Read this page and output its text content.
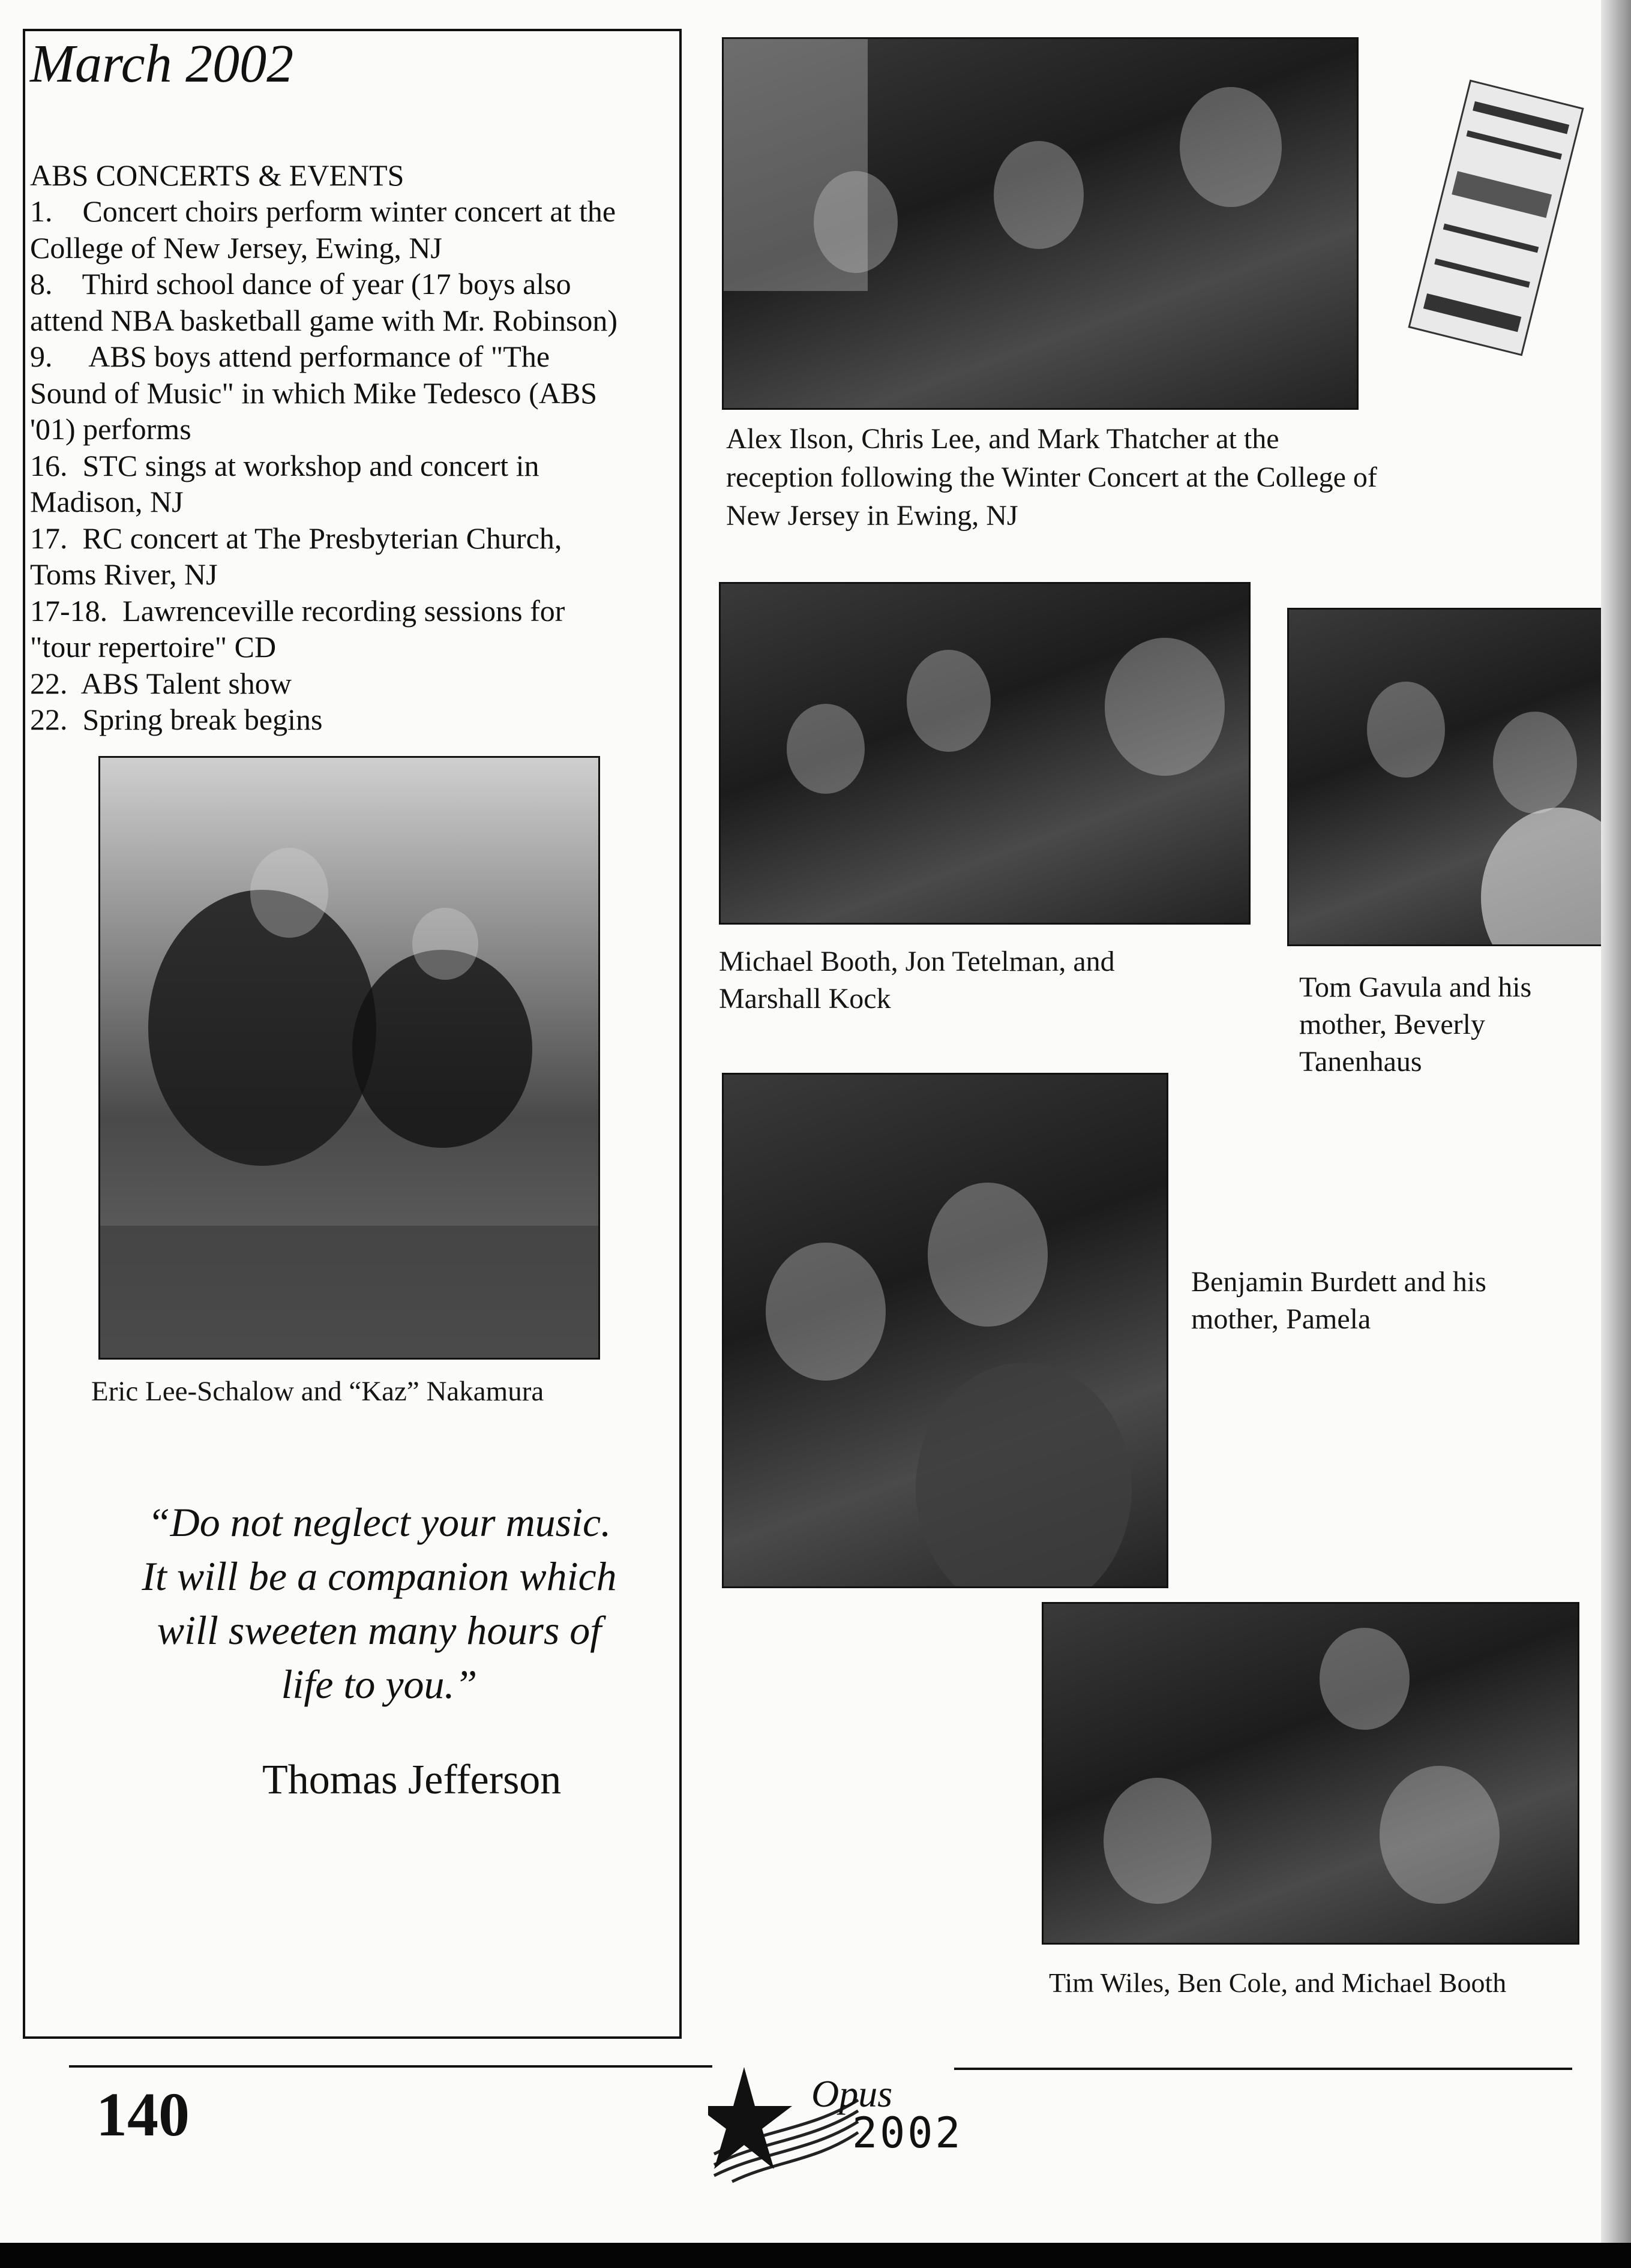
March 2002
ABS CONCERTS & EVENTS
1.    Concert choirs perform winter concert at the
College of New Jersey, Ewing, NJ
8.    Third school dance of year (17 boys also
attend NBA basketball game with Mr. Robinson)
9.     ABS boys attend performance of "The
Sound of Music" in which Mike Tedesco (ABS
'01) performs
16.  STC sings at workshop and concert in
Madison, NJ
17.  RC concert at The Presbyterian Church,
Toms River, NJ
17-18.  Lawrenceville recording sessions for
"tour repertoire" CD
22.  ABS Talent show
22.  Spring break begins
Eric Lee-Schalow and “Kaz” Nakamura
“Do not neglect your music.
It will be a companion which
will sweeten many hours of
life to you.”
Thomas Jefferson
Alex Ilson, Chris Lee, and Mark Thatcher at the
reception following the Winter Concert at the College of
New Jersey in Ewing, NJ
Michael Booth, Jon Tetelman, and
Marshall Kock	Tom Gavula and his
mother, Beverly
Tanenhaus
Benjamin Burdett and his
mother, Pamela
Tim Wiles, Ben Cole, and Michael Booth
140	Opus
2002
